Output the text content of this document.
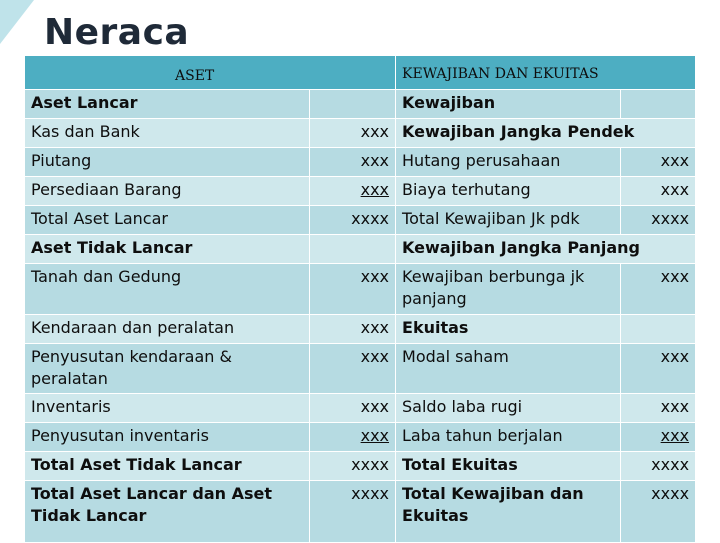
Neraca
ASET		KEWAJIBAN DAN EKUITAS	
Aset Lancar		Kewajiban	
Kas dan Bank	xxx	Kewajiban Jangka Pendek	
Piutang	xxx	Hutang perusahaan	xxx
Persediaan Barang	xxx	Biaya terhutang	xxx
Total Aset Lancar	xxxx	Total Kewajiban Jk pdk	xxxx
Aset Tidak Lancar		Kewajiban Jangka Panjang	
Tanah dan Gedung	xxx	Kewajiban berbunga jk panjang	xxx
Kendaraan dan peralatan	xxx	Ekuitas	
Penyusutan kendaraan & peralatan	xxx	Modal saham	xxx
Inventaris	xxx	Saldo laba rugi	xxx
Penyusutan inventaris	xxx	Laba tahun berjalan	xxx
Total Aset Tidak Lancar	xxxx	Total Ekuitas	xxxx
Total Aset Lancar dan Aset Tidak Lancar	xxxx	Total Kewajiban dan Ekuitas	xxxx
